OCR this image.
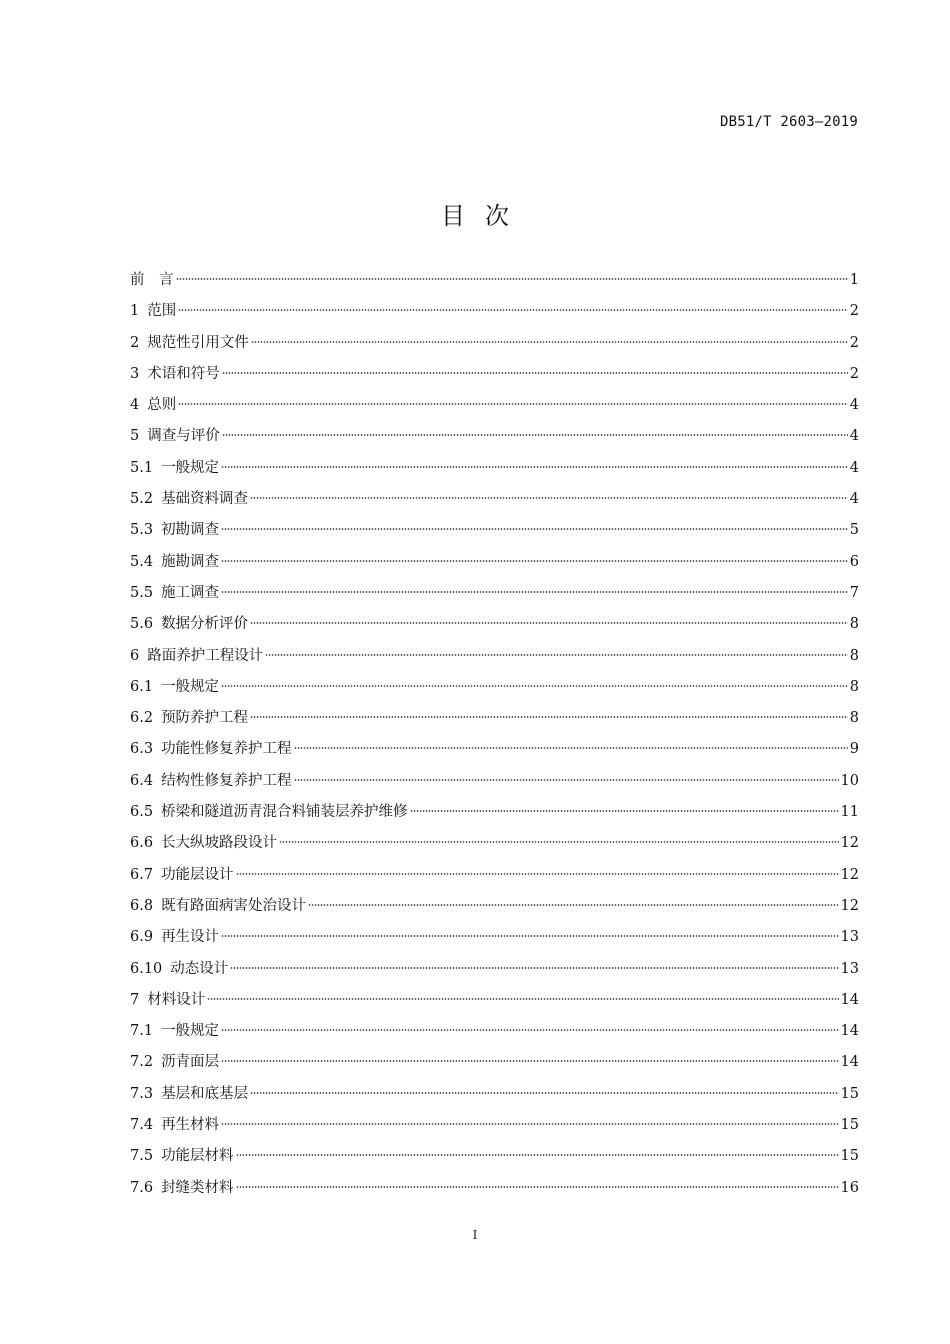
DB51/T 2603—2019
目次
前　言	1
1 范围	2
2 规范性引用文件	2
3 术语和符号	2
4 总则	4
5 调查与评价	4
5.1 一般规定	4
5.2 基础资料调查	4
5.3 初勘调查	5
5.4 施勘调查	6
5.5 施工调查	7
5.6 数据分析评价	8
6 路面养护工程设计	8
6.1 一般规定	8
6.2 预防养护工程	8
6.3 功能性修复养护工程	9
6.4 结构性修复养护工程	10
6.5 桥梁和隧道沥青混合料铺装层养护维修	11
6.6 长大纵坡路段设计	12
6.7 功能层设计	12
6.8 既有路面病害处治设计	12
6.9 再生设计	13
6.10 动态设计	13
7 材料设计	14
7.1 一般规定	14
7.2 沥青面层	14
7.3 基层和底基层	15
7.4 再生材料	15
7.5 功能层材料	15
7.6 封缝类材料	16
I
